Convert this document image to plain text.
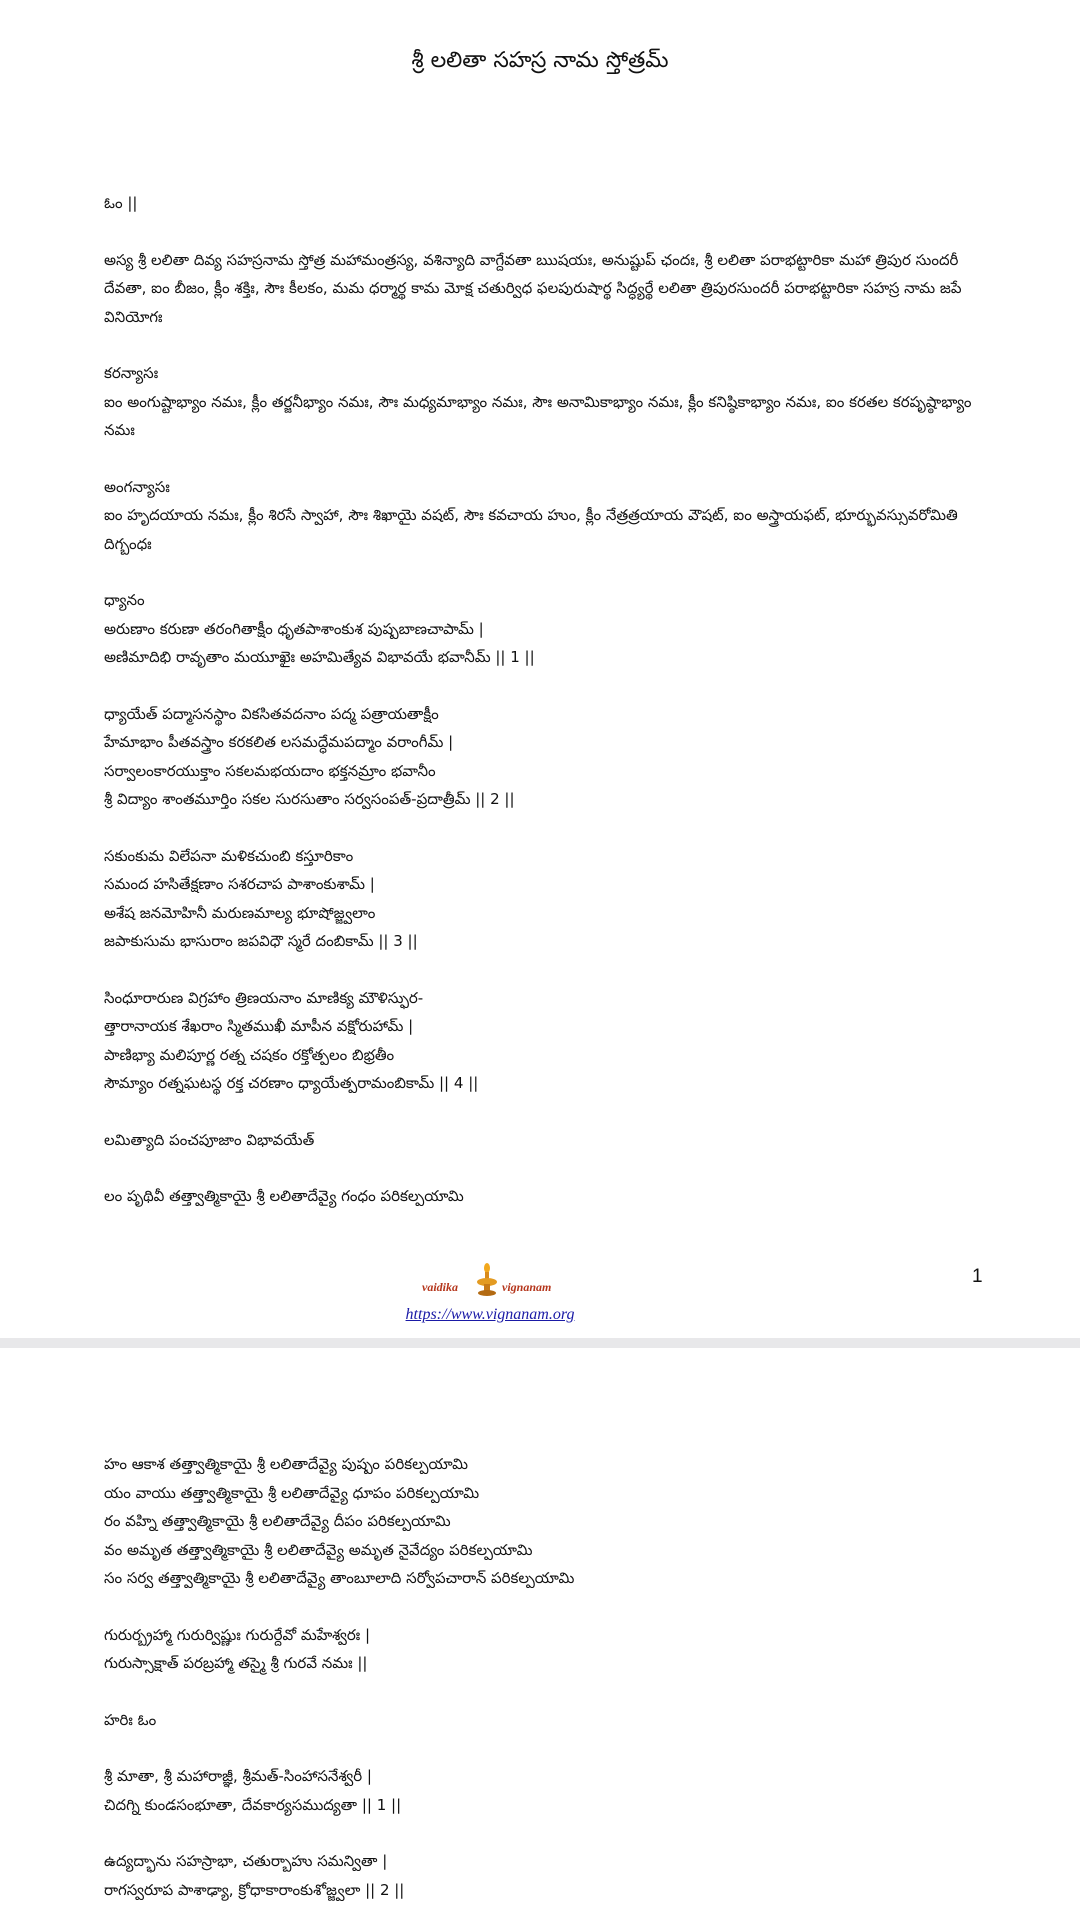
శ్రీ లలితా సహస్ర నామ స్తోత్రమ్
ఓం ||
అస్య శ్రీ లలితా దివ్య సహస్రనామ స్తోత్ర మహామంత్రస్య, వశిన్యాది వాగ్దేవతా ఋషయః, అనుష్టుప్ ఛందః, శ్రీ లలితా పరాభట్టారికా మహా త్రిపుర సుందరీ దేవతా, ఐం బీజం, క్లీం శక్తిః, సౌః కీలకం, మమ ధర్మార్థ కామ మోక్ష చతుర్విధ ఫలపురుషార్థ సిద్ధ్యర్థే లలితా త్రిపురసుందరీ పరాభట్టారికా సహస్ర నామ జపే వినియోగః
కరన్యాసః
ఐం అంగుష్టాభ్యాం నమః, క్లీం తర్జనీభ్యాం నమః, సౌః మధ్యమాభ్యాం నమః, సౌః అనామికాభ్యాం నమః, క్లీం కనిష్ఠికాభ్యాం నమః, ఐం కరతల కరపృష్ఠాభ్యాం నమః
అంగన్యాసః
ఐం హృదయాయ నమః, క్లీం శిరసే స్వాహా, సౌః శిఖాయై వషట్, సౌః కవచాయ హుం, క్లీం నేత్రత్రయాయ వౌషట్, ఐం అస్త్రాయఫట్, భూర్భువస్సువరోమితి దిగ్బంధః
ధ్యానం
అరుణాం కరుణా తరంగితాక్షీం ధృతపాశాంకుశ పుష్పబాణచాపామ్ |
అణిమాదిభి రావృతాం మయూఖైః అహమిత్యేవ విభావయే భవానీమ్ || 1 ||
ధ్యాయేత్ పద్మాసనస్థాం వికసితవదనాం పద్మ పత్రాయతాక్షీం
హేమాభాం పీతవస్త్రాం కరకలిత లసమద్ధేమపద్మాం వరాంగీమ్ |
సర్వాలంకారయుక్తాం సకలమభయదాం భక్తనమ్రాం భవానీం
శ్రీ విద్యాం శాంతమూర్తిం సకల సురసుతాం సర్వసంపత్-ప్రదాత్రీమ్ || 2 ||
సకుంకుమ విలేపనా మళికచుంబి కస్తూరికాం
సమంద హసితేక్షణాం సశరచాప పాశాంకుశామ్ |
అశేష జనమోహినీ మరుణమాల్య భూషోజ్జ్వలాం
జపాకుసుమ భాసురాం జపవిధౌ స్మరే దంబికామ్ || 3 ||
సింధూరారుణ విగ్రహాం త్రిణయనాం మాణిక్య మౌళిస్ఫుర-
త్తారానాయక శేఖరాం స్మితముఖీ మాపీన వక్షోరుహామ్ |
పాణిభ్యా మలిపూర్ణ రత్న చషకం రక్తోత్పలం బిభ్రతీం
సౌమ్యాం రత్నఘటస్థ రక్త చరణాం ధ్యాయేత్పరామంబికామ్ || 4 ||
లమిత్యాది పంచపూజాం విభావయేత్
లం పృథివీ తత్త్వాత్మికాయై శ్రీ లలితాదేవ్యై గంధం పరికల్పయామి
vaidika	vignanam
https://www.vignanam.org
1
హం ఆకాశ తత్త్వాత్మికాయై శ్రీ లలితాదేవ్యై పుష్పం పరికల్పయామి
యం వాయు తత్త్వాత్మికాయై శ్రీ లలితాదేవ్యై ధూపం పరికల్పయామి
రం వహ్ని తత్త్వాత్మికాయై శ్రీ లలితాదేవ్యై దీపం పరికల్పయామి
వం అమృత తత్త్వాత్మికాయై శ్రీ లలితాదేవ్యై అమృత నైవేద్యం పరికల్పయామి
సం సర్వ తత్త్వాత్మికాయై శ్రీ లలితాదేవ్యై తాంబూలాది సర్వోపచారాన్ పరికల్పయామి
గురుర్బ్రహ్మా గురుర్విష్ణుః గురుర్దేవో మహేశ్వరః |
గురుస్సాక్షాత్ పరబ్రహ్మా తస్మై శ్రీ గురవే నమః ||
హరిః ఓం
శ్రీ మాతా, శ్రీ మహారాజ్ఞీ, శ్రీమత్-సింహాసనేశ్వరీ |
చిదగ్ని కుండసంభూతా, దేవకార్యసముద్యతా || 1 ||
ఉద్యద్భాను సహస్రాభా, చతుర్బాహు సమన్వితా |
రాగస్వరూప పాశాఢ్యా, క్రోధాకారాంకుశోజ్జ్వలా || 2 ||
